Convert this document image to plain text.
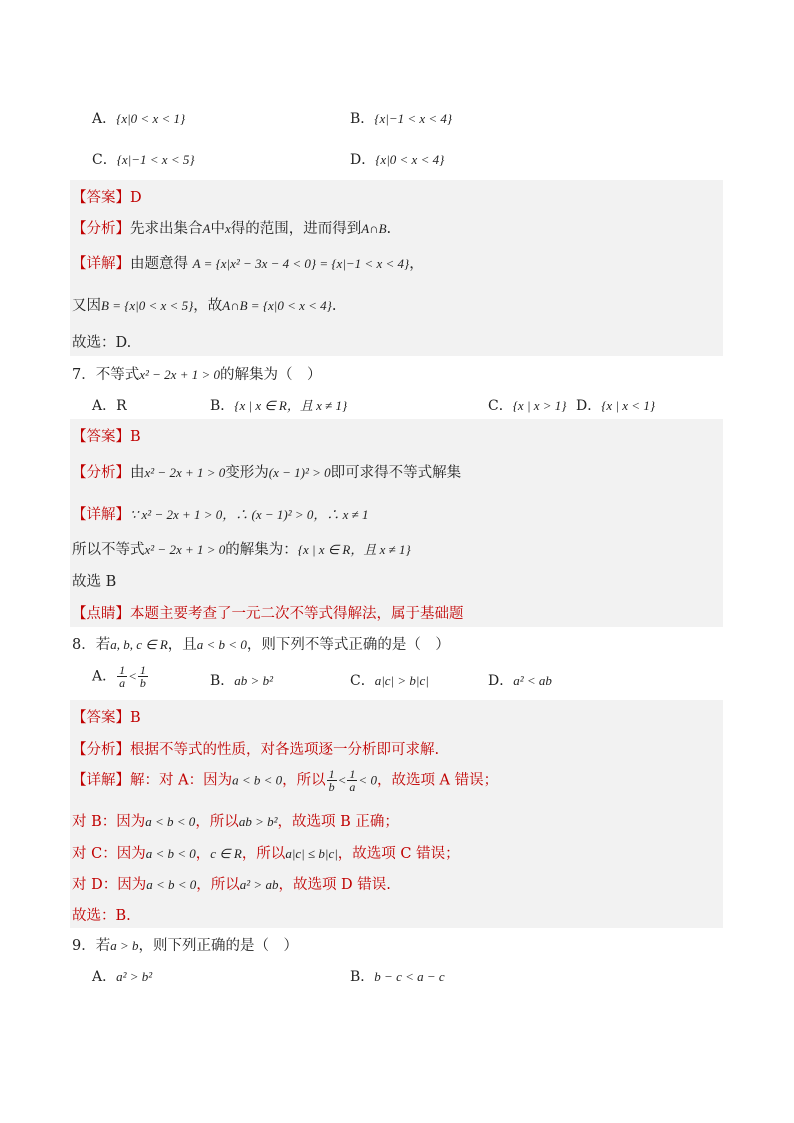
A．{x|0 < x < 1}	B．{x|−1 < x < 4}
C．{x|−1 < x < 5}	D．{x|0 < x < 4}
【答案】D
【分析】先求出集合A中x得的范围，进而得到A∩B.
【详解】由题意得 A = {x|x² − 3x − 4 < 0} = {x|−1 < x < 4}，
又因B = {x|0 < x < 5}，故A∩B = {x|0 < x < 4}.
故选：D.
7．不等式x² − 2x + 1 > 0的解集为（　）
A．R	B．{x | x ∈ R，且 x ≠ 1}	C．{x | x > 1} D．{x | x < 1}
【答案】B
【分析】由x² − 2x + 1 > 0变形为(x − 1)² > 0即可求得不等式解集
【详解】∵ x² − 2x + 1 > 0，∴ (x − 1)² > 0，∴ x ≠ 1
所以不等式x² − 2x + 1 > 0的解集为：{x | x ∈ R，且 x ≠ 1}
故选 B
【点睛】本题主要考查了一元二次不等式得解法，属于基础题
8．若a, b, c ∈ R，且a < b < 0，则下列不等式正确的是（　）
A． $\frac{1}{a} < \frac{1}{b}$	B．ab > b²	C．a|c| > b|c|	D．a² < ab
【答案】B
【分析】根据不等式的性质，对各选项逐一分析即可求解.
【详解】解：对 A：因为a < b < 0，所以 $\frac{1}{b} < \frac{1}{a} < 0$，故选项 A 错误；
对 B：因为a < b < 0，所以ab > b²，故选项 B 正确；
对 C：因为a < b < 0，c ∈ R，所以a|c| ≤ b|c|，故选项 C 错误；
对 D：因为a < b < 0，所以a² > ab，故选项 D 错误.
故选：B.
9．若a > b，则下列正确的是（　）
A．a² > b²	B．b − c < a − c
